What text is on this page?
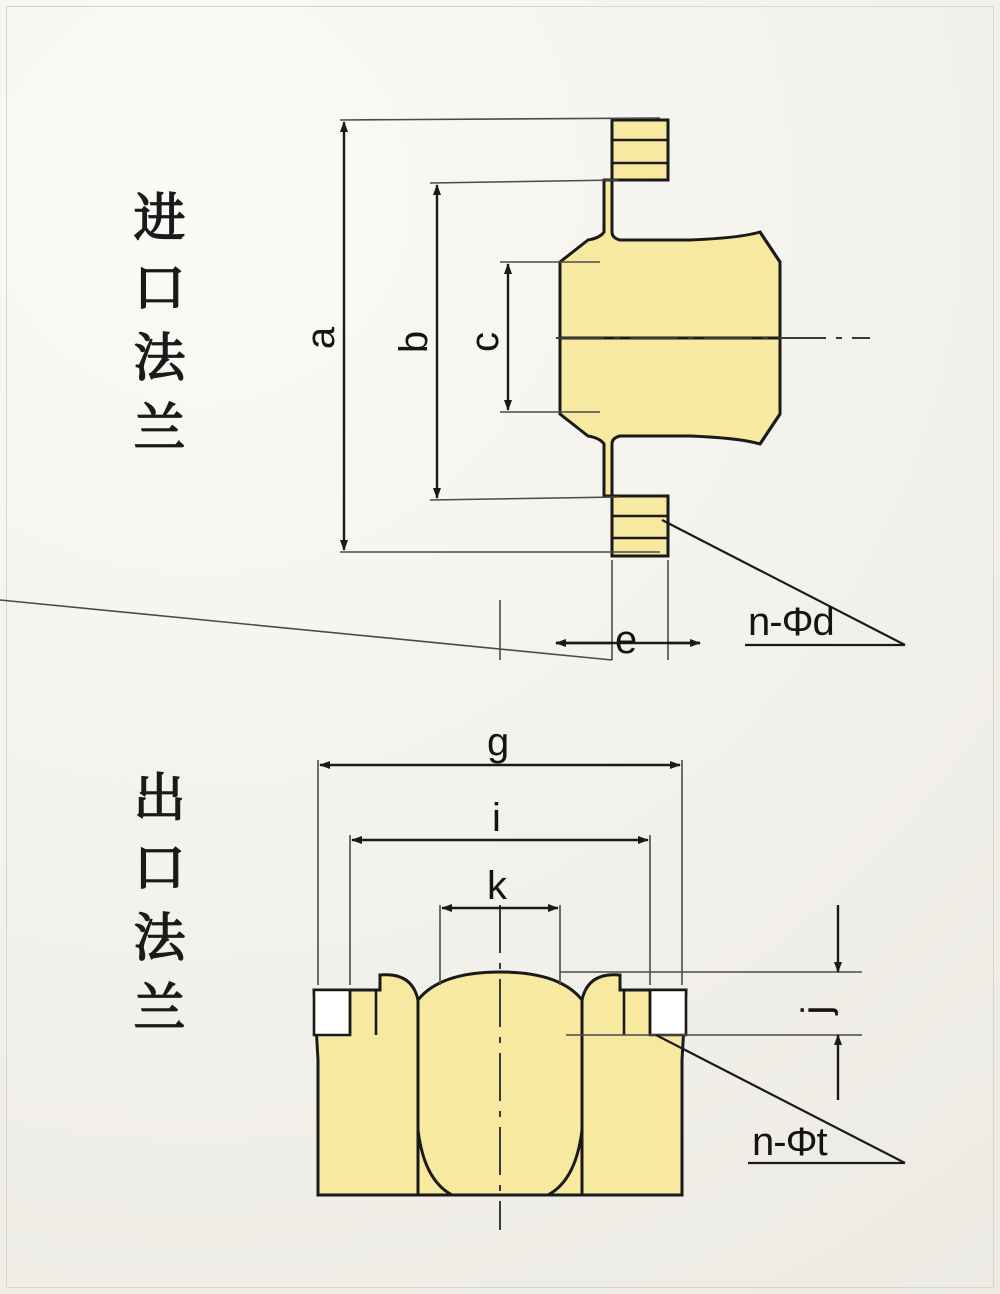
进口法兰
出口法兰
a b c
e	n-Φd
g
i
k
j
n-Φt
